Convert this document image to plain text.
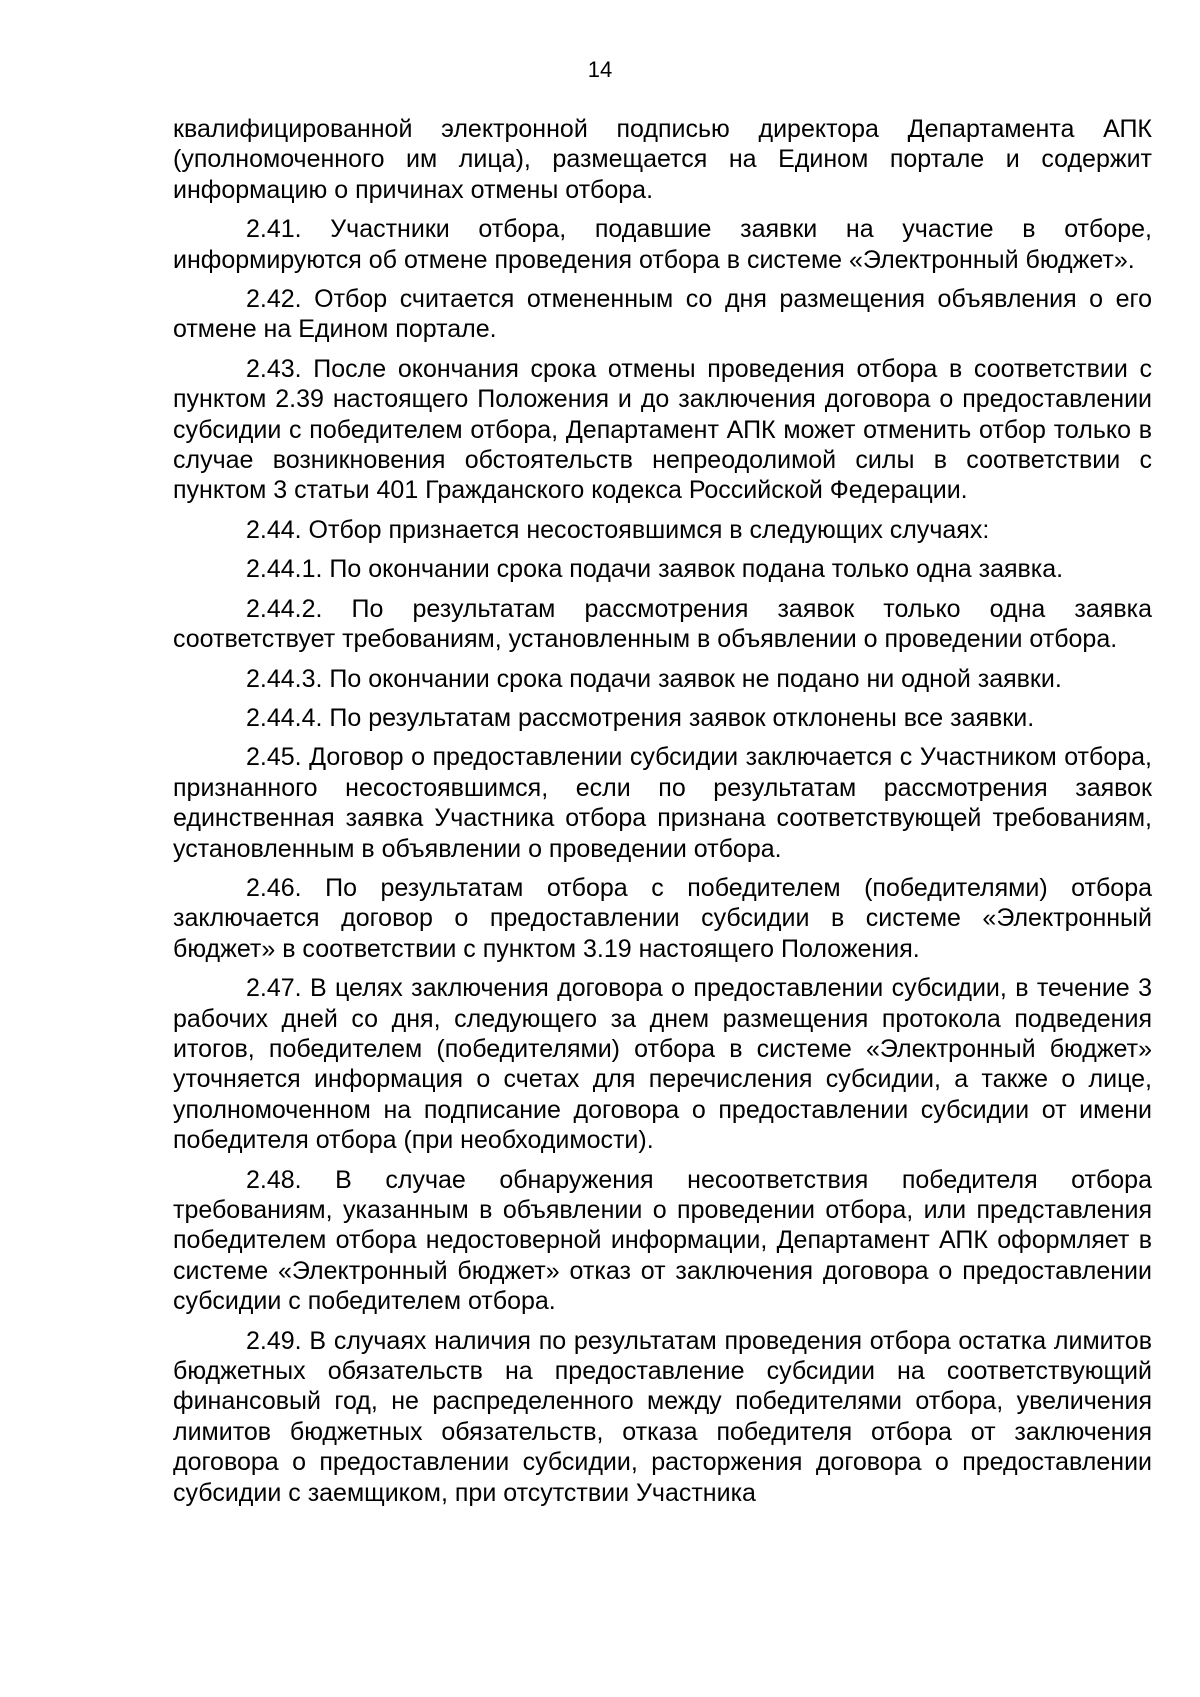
14

квалифицированной электронной подписью директора Департамента АПК (уполномоченного им лица), размещается на Едином портале и содержит информацию о причинах отмены отбора.

2.41. Участники отбора, подавшие заявки на участие в отборе, информируются об отмене проведения отбора в системе «Электронный бюджет».

2.42. Отбор считается отмененным со дня размещения объявления о его отмене на Едином портале.

2.43. После окончания срока отмены проведения отбора в соответствии с пунктом 2.39 настоящего Положения и до заключения договора о предоставлении субсидии с победителем отбора, Департамент АПК может отменить отбор только в случае возникновения обстоятельств непреодолимой силы в соответствии с пунктом 3 статьи 401 Гражданского кодекса Российской Федерации.

2.44. Отбор признается несостоявшимся в следующих случаях:

2.44.1. По окончании срока подачи заявок подана только одна заявка.

2.44.2. По результатам рассмотрения заявок только одна заявка соответствует требованиям, установленным в объявлении о проведении отбора.

2.44.3. По окончании срока подачи заявок не подано ни одной заявки.

2.44.4. По результатам рассмотрения заявок отклонены все заявки.

2.45. Договор о предоставлении субсидии заключается с Участником отбора, признанного несостоявшимся, если по результатам рассмотрения заявок единственная заявка Участника отбора признана соответствующей требованиям, установленным в объявлении о проведении отбора.

2.46. По результатам отбора с победителем (победителями) отбора заключается договор о предоставлении субсидии в системе «Электронный бюджет» в соответствии с пунктом 3.19 настоящего Положения.

2.47. В целях заключения договора о предоставлении субсидии, в течение 3 рабочих дней со дня, следующего за днем размещения протокола подведения итогов, победителем (победителями) отбора в системе «Электронный бюджет» уточняется информация о счетах для перечисления субсидии, а также о лице, уполномоченном на подписание договора о предоставлении субсидии от имени победителя отбора (при необходимости).

2.48. В случае обнаружения несоответствия победителя отбора требованиям, указанным в объявлении о проведении отбора, или представления победителем отбора недостоверной информации, Департамент АПК оформляет в системе «Электронный бюджет» отказ от заключения договора о предоставлении субсидии с победителем отбора.

2.49. В случаях наличия по результатам проведения отбора остатка лимитов бюджетных обязательств на предоставление субсидии на соответствующий финансовый год, не распределенного между победителями отбора, увеличения лимитов бюджетных обязательств, отказа победителя отбора от заключения договора о предоставлении субсидии, расторжения договора о предоставлении субсидии с заемщиком, при отсутствии Участника
